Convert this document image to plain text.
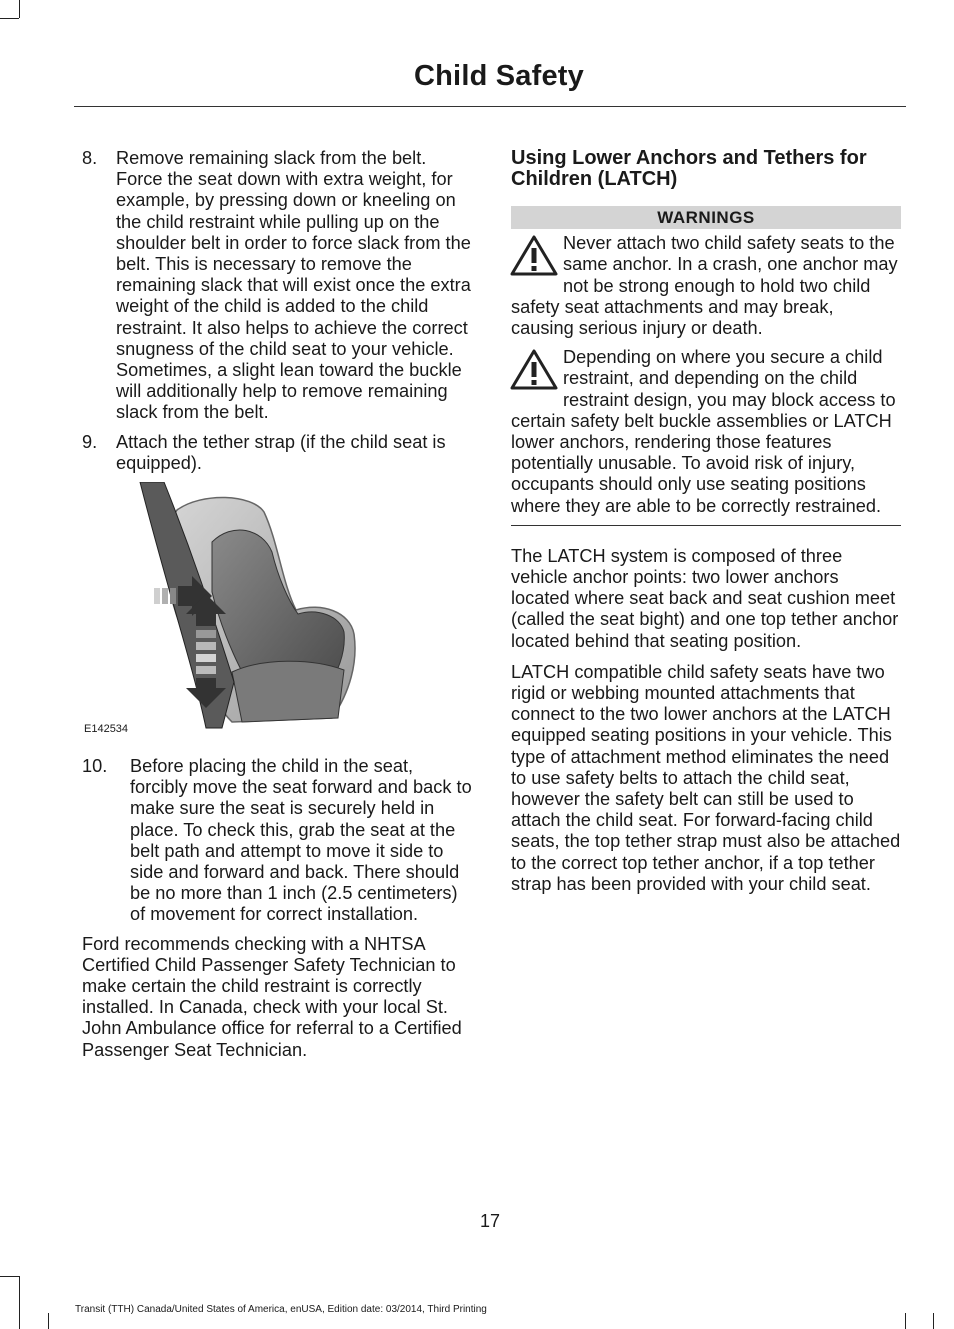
Child Safety
8. Remove remaining slack from the belt. Force the seat down with extra weight, for example, by pressing down or kneeling on the child restraint while pulling up on the shoulder belt in order to force slack from the belt. This is necessary to remove the remaining slack that will exist once the extra weight of the child is added to the child restraint. It also helps to achieve the correct snugness of the child seat to your vehicle. Sometimes, a slight lean toward the buckle will additionally help to remove remaining slack from the belt.
9. Attach the tether strap (if the child seat is equipped).
E142534
10. Before placing the child in the seat, forcibly move the seat forward and back to make sure the seat is securely held in place. To check this, grab the seat at the belt path and attempt to move it side to side and forward and back. There should be no more than 1 inch (2.5 centimeters) of movement for correct installation.

Ford recommends checking with a NHTSA Certified Child Passenger Safety Technician to make certain the child restraint is correctly installed. In Canada, check with your local St. John Ambulance office for referral to a Certified Passenger Seat Technician.

Using Lower Anchors and Tethers for Children (LATCH)
WARNINGS
Never attach two child safety seats to the same anchor. In a crash, one anchor may not be strong enough to hold two child safety seat attachments and may break, causing serious injury or death.
Depending on where you secure a child restraint, and depending on the child restraint design, you may block access to certain safety belt buckle assemblies or LATCH lower anchors, rendering those features potentially unusable. To avoid risk of injury, occupants should only use seating positions where they are able to be correctly restrained.

The LATCH system is composed of three vehicle anchor points: two lower anchors located where seat back and seat cushion meet (called the seat bight) and one top tether anchor located behind that seating position.

LATCH compatible child safety seats have two rigid or webbing mounted attachments that connect to the two lower anchors at the LATCH equipped seating positions in your vehicle. This type of attachment method eliminates the need to use safety belts to attach the child seat, however the safety belt can still be used to attach the child seat. For forward-facing child seats, the top tether strap must also be attached to the correct top tether anchor, if a top tether strap has been provided with your child seat.

17
Transit (TTH) Canada/United States of America, enUSA, Edition date: 03/2014, Third Printing
